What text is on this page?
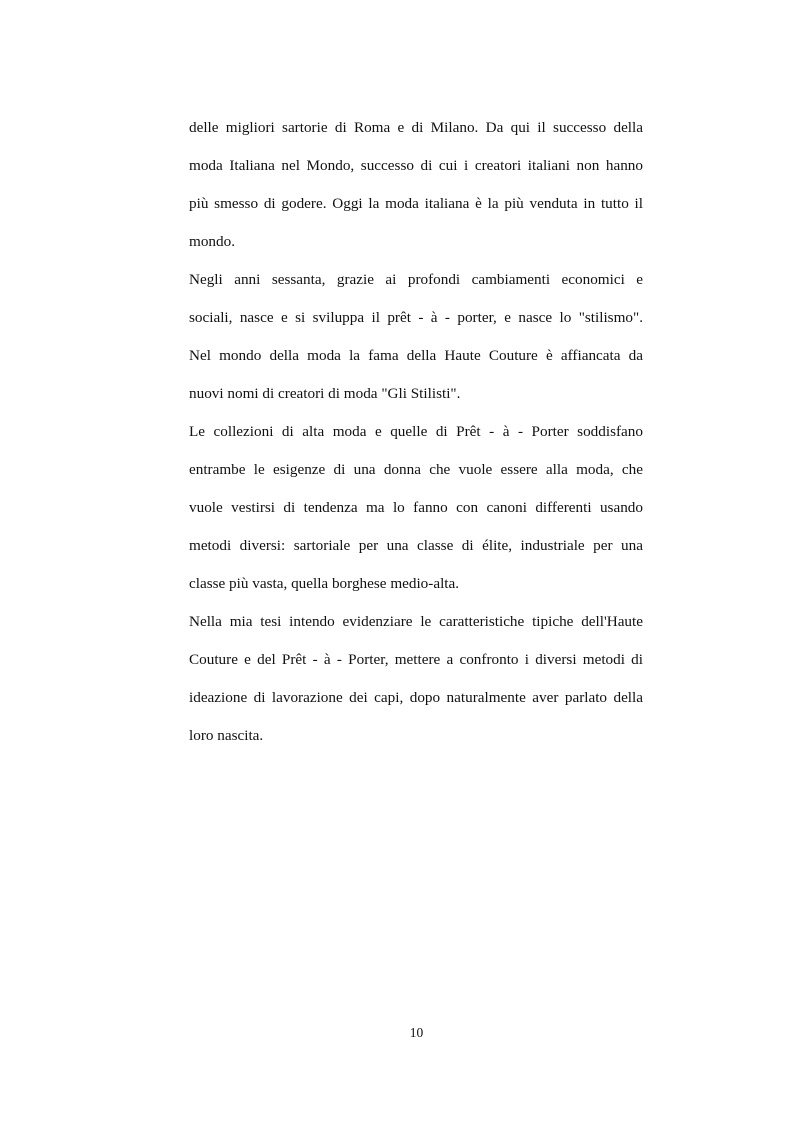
delle migliori sartorie di Roma e di Milano. Da qui il successo della
moda Italiana nel Mondo, successo di cui i creatori italiani non hanno
più smesso di godere. Oggi la moda italiana è la più venduta in tutto il
mondo.
Negli anni sessanta, grazie ai profondi cambiamenti economici e
sociali, nasce e si sviluppa il prêt - à - porter, e nasce lo "stilismo".
Nel mondo della moda la fama della Haute Couture è affiancata da
nuovi nomi di creatori di moda "Gli Stilisti".
Le collezioni di alta moda e quelle di Prêt - à - Porter soddisfano
entrambe le esigenze di una donna che vuole essere alla moda, che
vuole vestirsi di tendenza ma lo fanno con canoni differenti usando
metodi diversi: sartoriale per una classe di élite, industriale per una
classe più vasta, quella borghese medio-alta.
Nella mia tesi intendo evidenziare le caratteristiche tipiche dell'Haute
Couture e del Prêt - à - Porter, mettere a confronto i diversi metodi di
ideazione di lavorazione dei capi, dopo naturalmente aver parlato della
loro nascita.
10
